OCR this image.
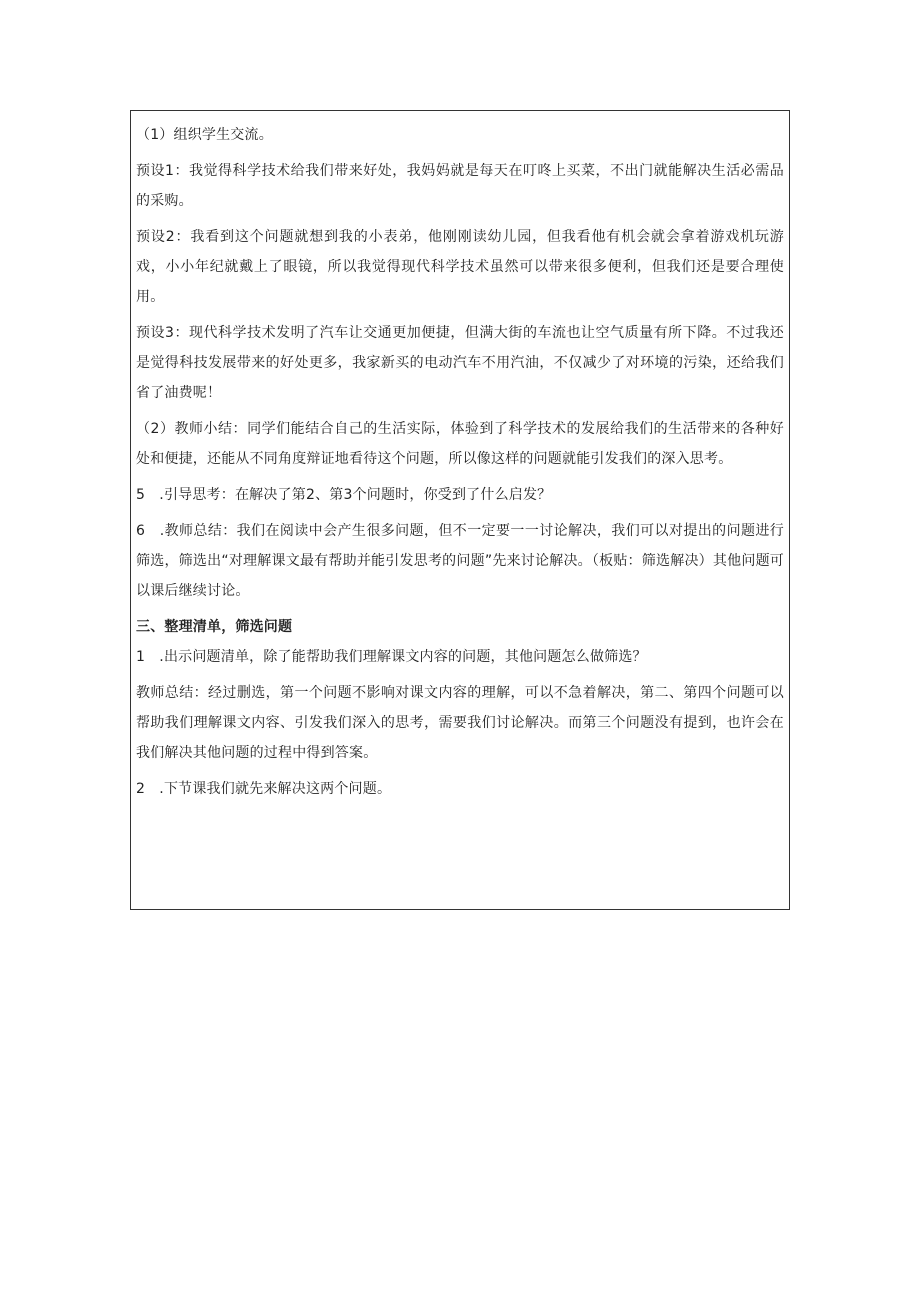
（1）组织学生交流。

预设1：我觉得科学技术给我们带来好处，我妈妈就是每天在叮咚上买菜，不出门就能解决生活必需品的采购。

预设2：我看到这个问题就想到我的小表弟，他刚刚读幼儿园，但我看他有机会就会拿着游戏机玩游戏，小小年纪就戴上了眼镜，所以我觉得现代科学技术虽然可以带来很多便利，但我们还是要合理使用。

预设3：现代科学技术发明了汽车让交通更加便捷，但满大街的车流也让空气质量有所下降。不过我还是觉得科技发展带来的好处更多，我家新买的电动汽车不用汽油，不仅减少了对环境的污染，还给我们省了油费呢！

（2）教师小结：同学们能结合自己的生活实际，体验到了科学技术的发展给我们的生活带来的各种好处和便捷，还能从不同角度辩证地看待这个问题，所以像这样的问题就能引发我们的深入思考。

5　.引导思考：在解决了第2、第3个问题时，你受到了什么启发？

6　.教师总结：我们在阅读中会产生很多问题，但不一定要一一讨论解决，我们可以对提出的问题进行筛选，筛选出“对理解课文最有帮助并能引发思考的问题”先来讨论解决。（板贴：筛选解决）其他问题可以课后继续讨论。

三、整理清单，筛选问题

1　.出示问题清单，除了能帮助我们理解课文内容的问题，其他问题怎么做筛选？

教师总结：经过删选，第一个问题不影响对课文内容的理解，可以不急着解决，第二、第四个问题可以帮助我们理解课文内容、引发我们深入的思考，需要我们讨论解决。而第三个问题没有提到，也许会在我们解决其他问题的过程中得到答案。

2　.下节课我们就先来解决这两个问题。
